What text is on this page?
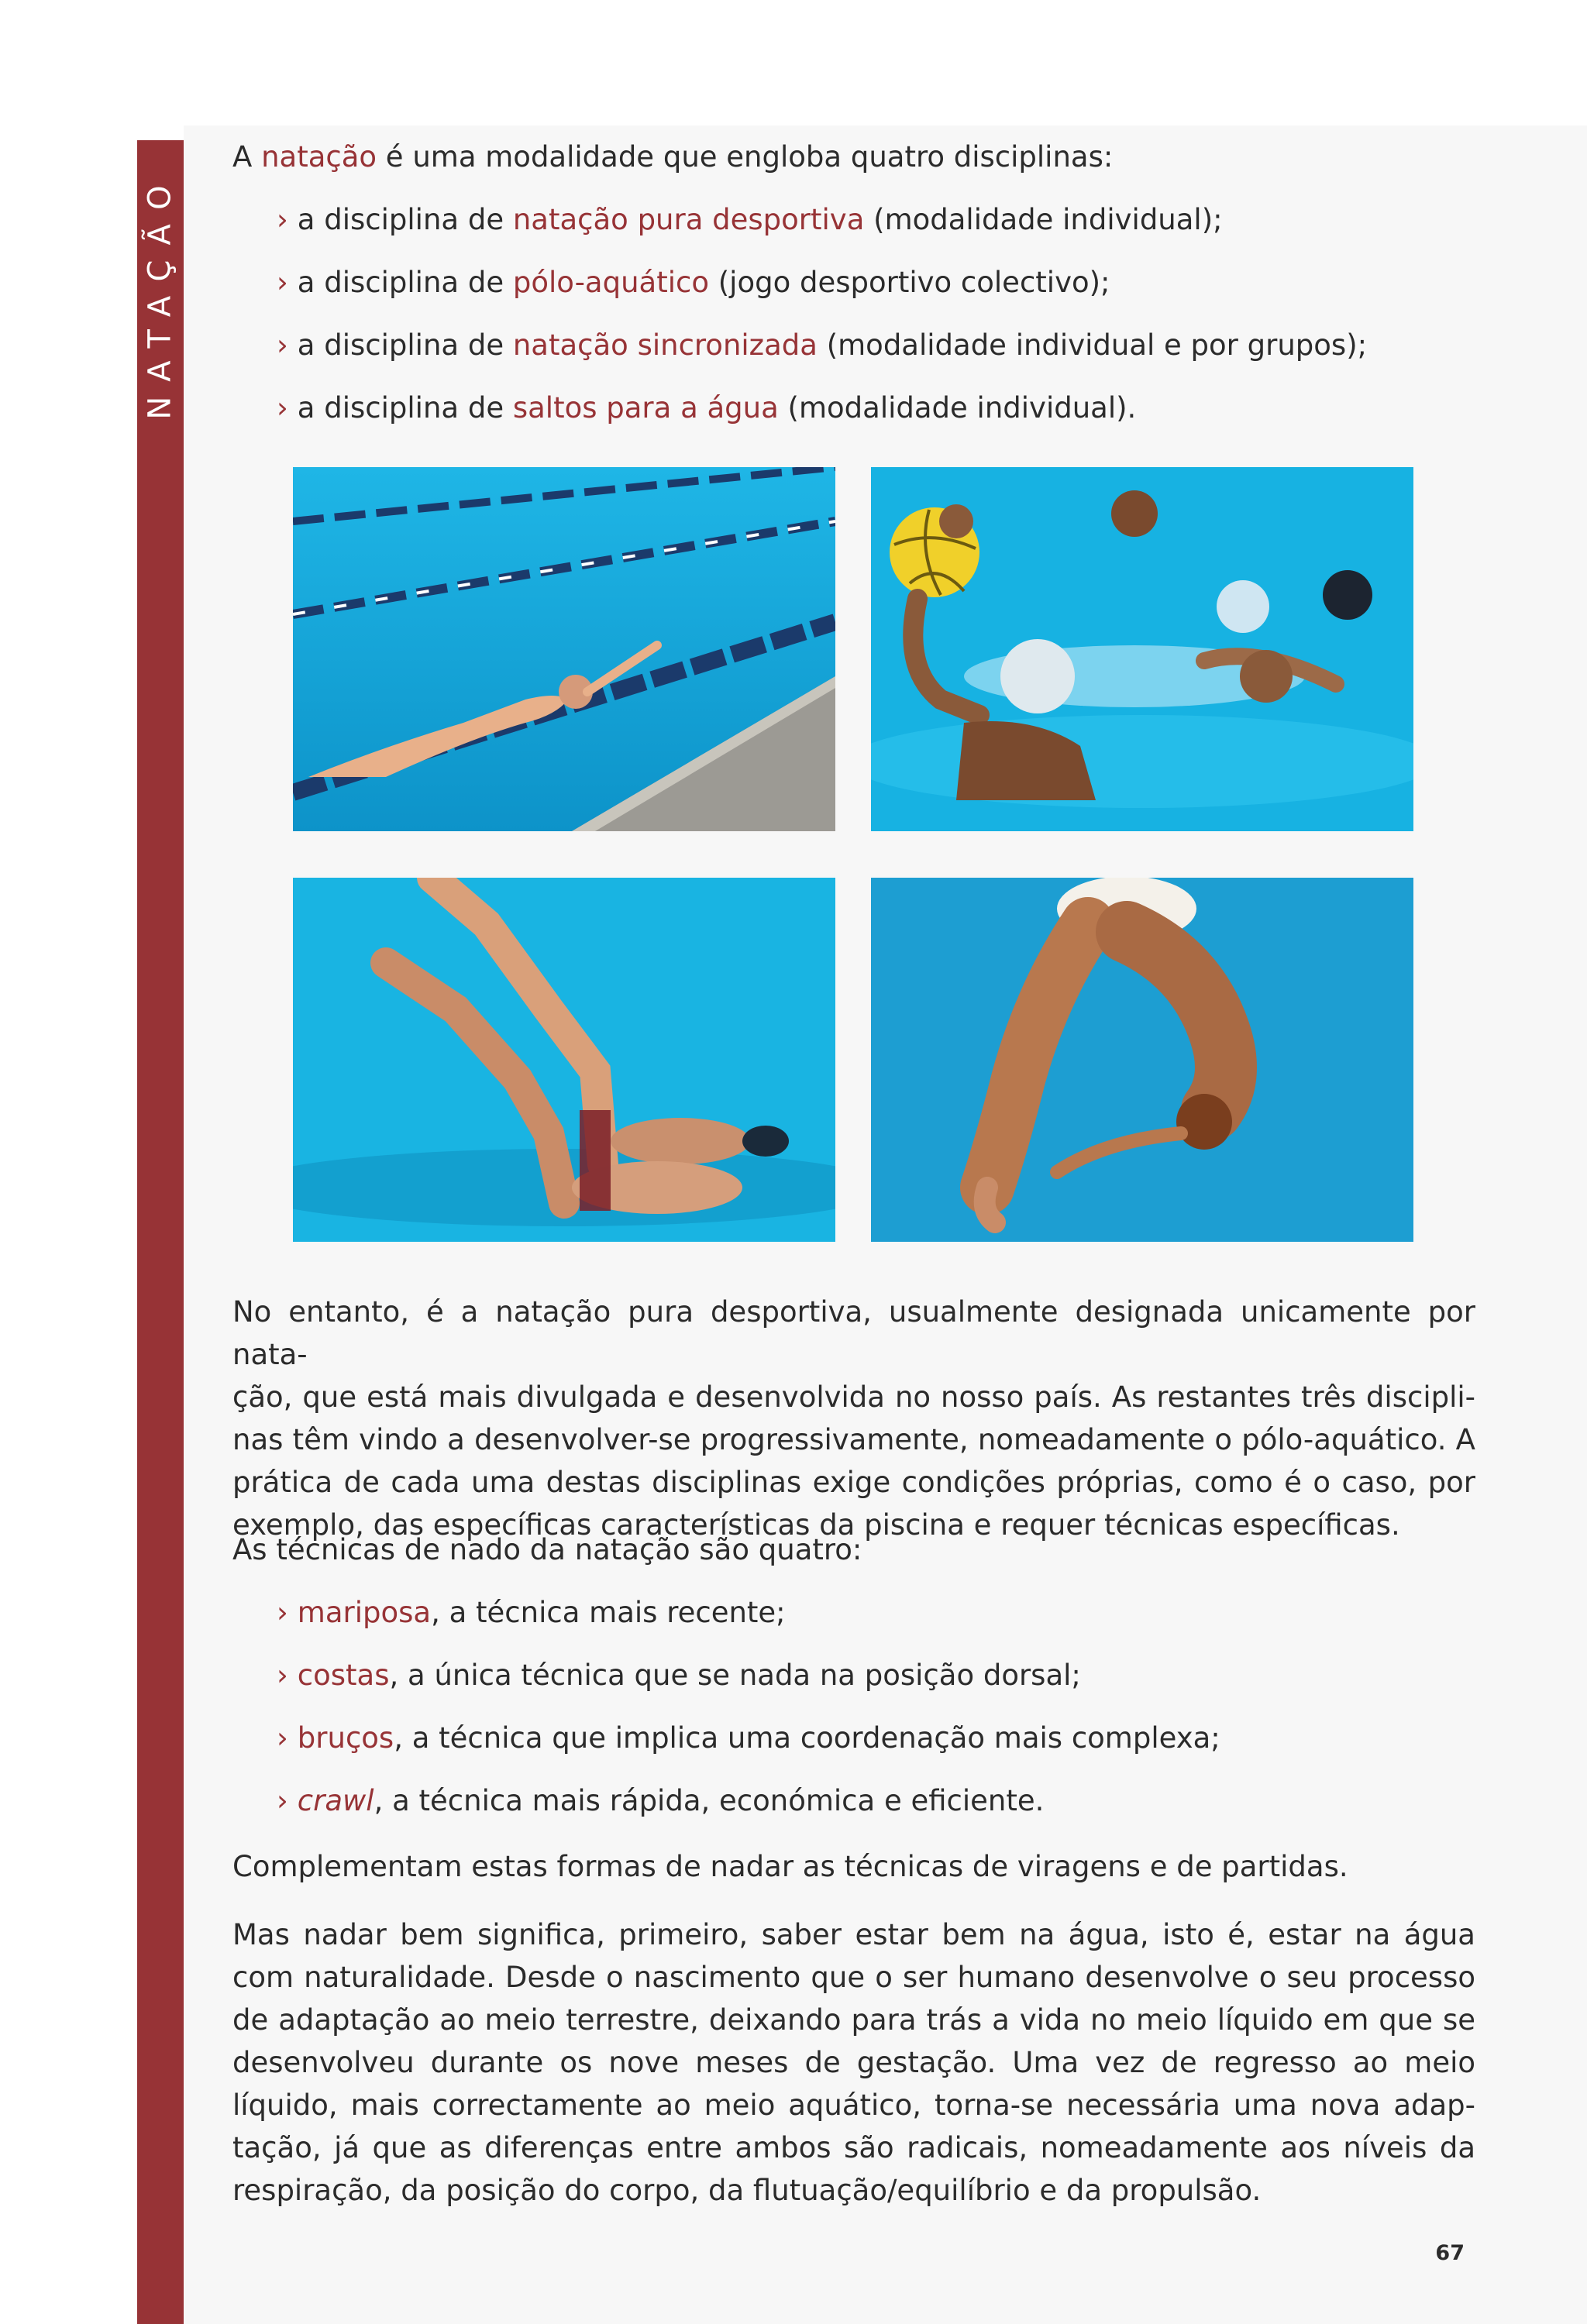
NATAÇÃO

A natação é uma modalidade que engloba quatro disciplinas:

› a disciplina de natação pura desportiva (modalidade individual);

› a disciplina de pólo-aquático (jogo desportivo colectivo);

› a disciplina de natação sincronizada (modalidade individual e por grupos);

› a disciplina de saltos para a água (modalidade individual).

No entanto, é a natação pura desportiva, usualmente designada unicamente por nata-
ção, que está mais divulgada e desenvolvida no nosso país. As restantes três discipli-
nas têm vindo a desenvolver-se progressivamente, nomeadamente o pólo-aquático. A
prática de cada uma destas disciplinas exige condições próprias, como é o caso, por
exemplo, das específicas características da piscina e requer técnicas específicas.

As técnicas de nado da natação são quatro:

› mariposa, a técnica mais recente;

› costas, a única técnica que se nada na posição dorsal;

› bruços, a técnica que implica uma coordenação mais complexa;

› crawl, a técnica mais rápida, económica e eficiente.

Complementam estas formas de nadar as técnicas de viragens e de partidas.

Mas nadar bem significa, primeiro, saber estar bem na água, isto é, estar na água
com naturalidade. Desde o nascimento que o ser humano desenvolve o seu processo
de adaptação ao meio terrestre, deixando para trás a vida no meio líquido em que se
desenvolveu durante os nove meses de gestação. Uma vez de regresso ao meio
líquido, mais correctamente ao meio aquático, torna-se necessária uma nova adap-
tação, já que as diferenças entre ambos são radicais, nomeadamente aos níveis da
respiração, da posição do corpo, da flutuação/equilíbrio e da propulsão.
67
